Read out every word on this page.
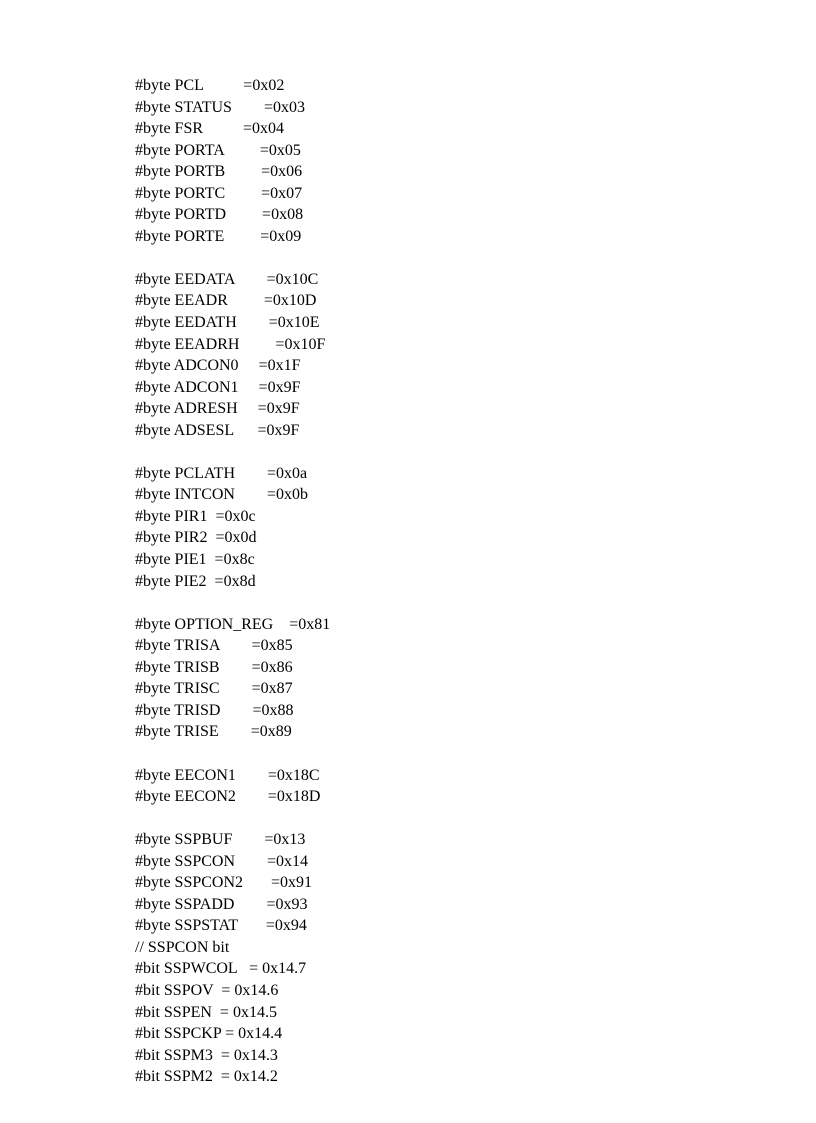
#byte PCL          =0x02
#byte STATUS        =0x03
#byte FSR          =0x04
#byte PORTA         =0x05
#byte PORTB         =0x06
#byte PORTC         =0x07
#byte PORTD         =0x08
#byte PORTE         =0x09
#byte EEDATA        =0x10C
#byte EEADR         =0x10D
#byte EEDATH        =0x10E
#byte EEADRH         =0x10F
#byte ADCON0     =0x1F
#byte ADCON1     =0x9F
#byte ADRESH     =0x9F
#byte ADSESL      =0x9F
#byte PCLATH        =0x0a
#byte INTCON        =0x0b
#byte PIR1  =0x0c
#byte PIR2  =0x0d
#byte PIE1  =0x8c
#byte PIE2  =0x8d
#byte OPTION_REG    =0x81
#byte TRISA        =0x85
#byte TRISB        =0x86
#byte TRISC        =0x87
#byte TRISD        =0x88
#byte TRISE        =0x89
#byte EECON1        =0x18C
#byte EECON2        =0x18D
#byte SSPBUF        =0x13
#byte SSPCON        =0x14
#byte SSPCON2       =0x91
#byte SSPADD        =0x93
#byte SSPSTAT       =0x94
// SSPCON bit
#bit SSPWCOL   = 0x14.7
#bit SSPOV  = 0x14.6
#bit SSPEN  = 0x14.5
#bit SSPCKP = 0x14.4
#bit SSPM3  = 0x14.3
#bit SSPM2  = 0x14.2
